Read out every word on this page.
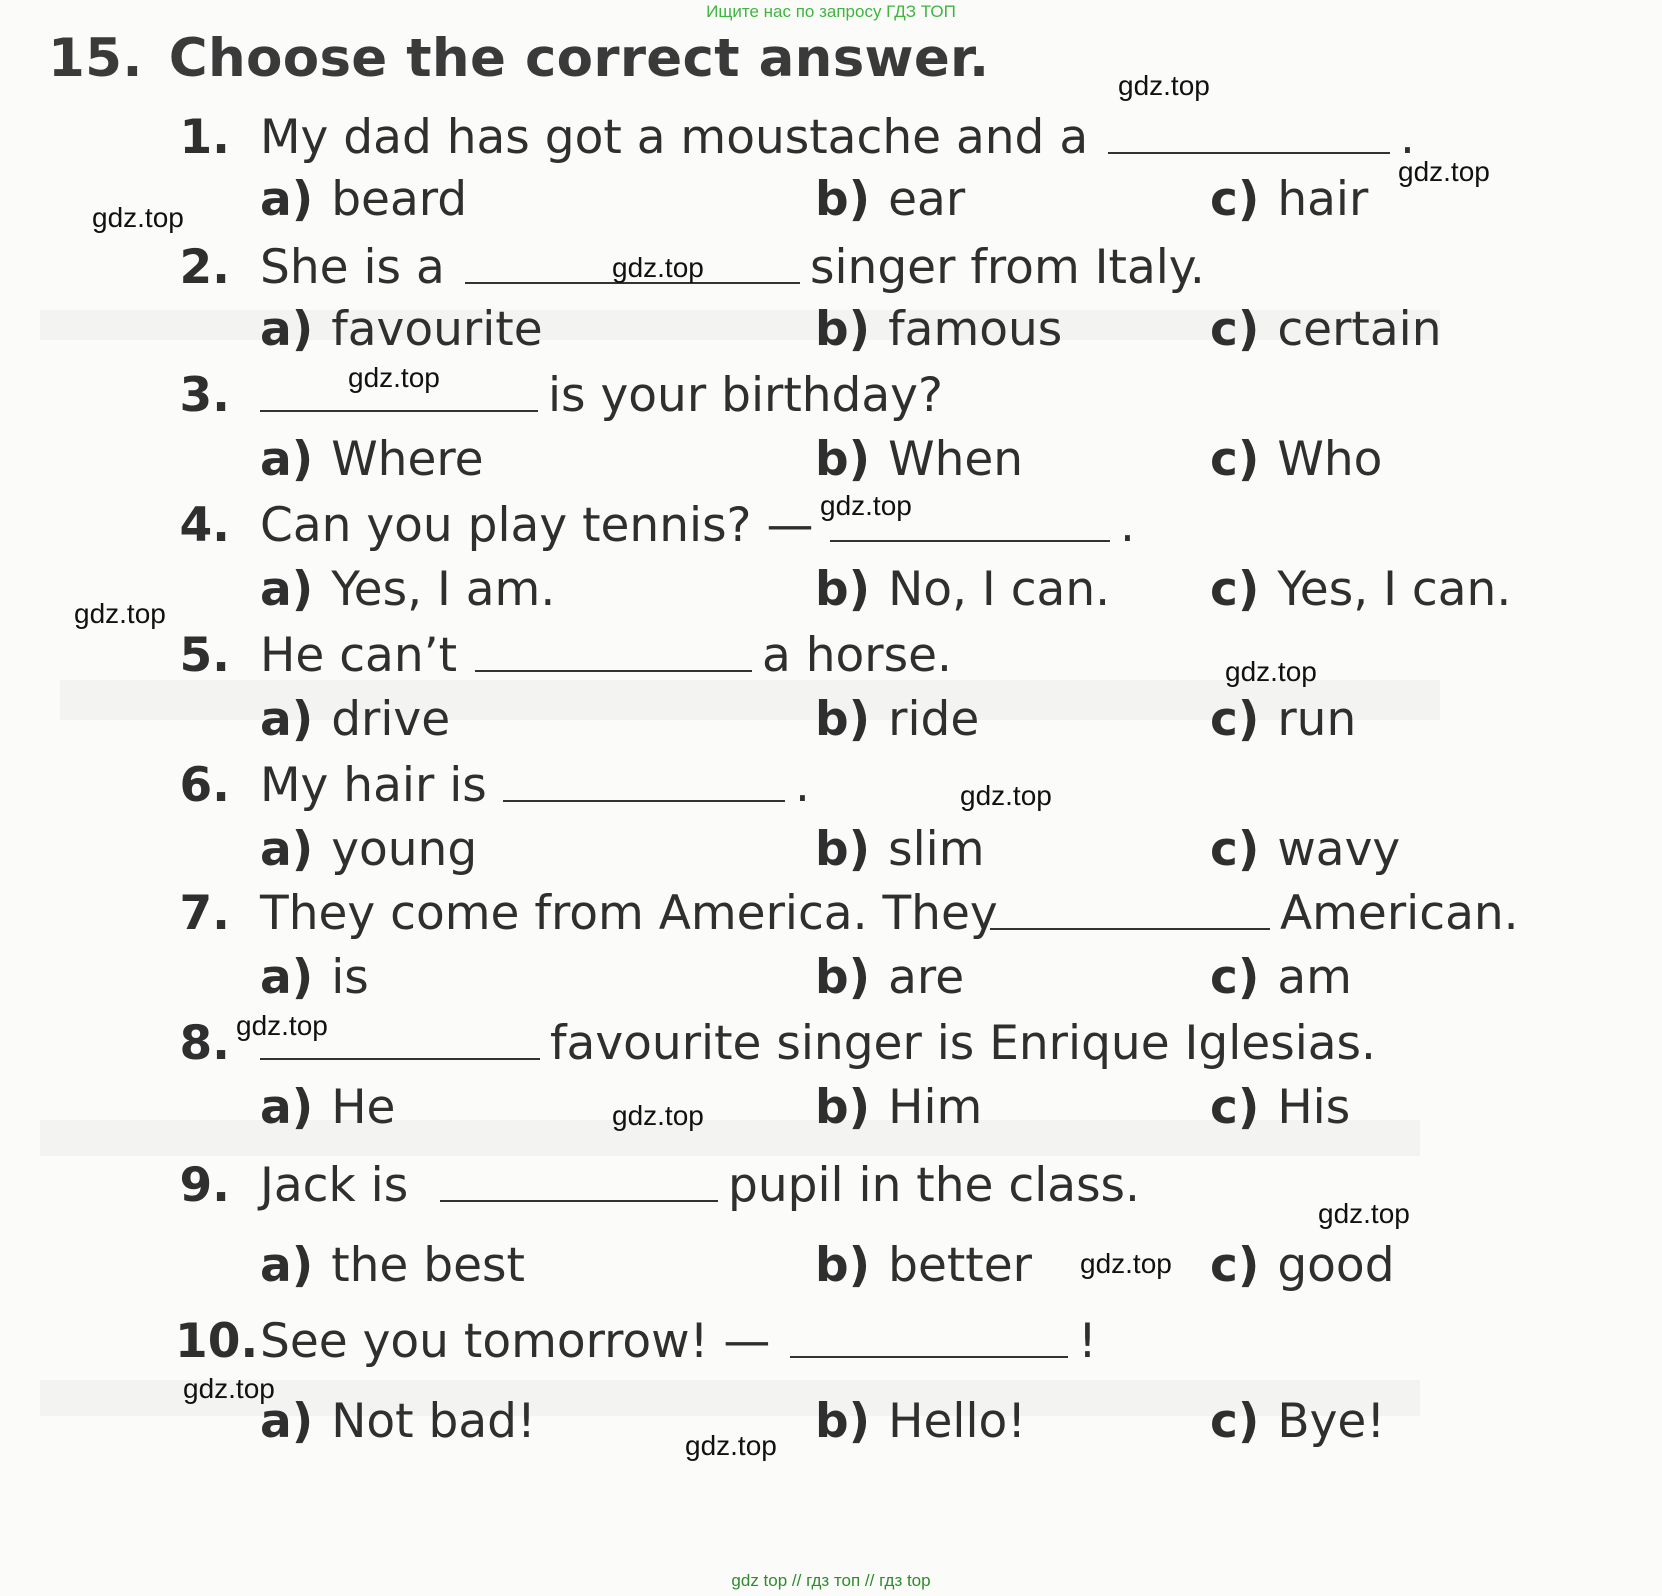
Ищите нас по запросу ГДЗ ТОП
15. Choose the correct answer.
1. My dad has got a moustache and a	.
a) beard	b) ear	c) hair
2. She is a	singer from Italy.
a) favourite	b) famous	c) certain
3.	is your birthday?
a) Where	b) When	c) Who
4. Can you play tennis? —	.
a) Yes, I am.	b) No, I can. c) Yes, I can.
5. He can’t	a horse.
a) drive	b) ride	c) run
6. My hair is	.
a) young	b) slim	c) wavy
7. They come from America. They	American.
a) is	b) are	c) am
8.	favourite singer is Enrique Iglesias.
a) He	b) Him	c) His
9. Jack is	pupil in the class.
a) the best	b) better	c) good
10. See you tomorrow! —	!
a) Not bad!	b) Hello!	c) Bye!
gdz.top
gdz.top
gdz.top
gdz.top
gdz.top
gdz.top
gdz.top
gdz.top
gdz.top
gdz.top
gdz.top
gdz.top
gdz.top
gdz.top
gdz.top
gdz top // гдз топ // гдз top
